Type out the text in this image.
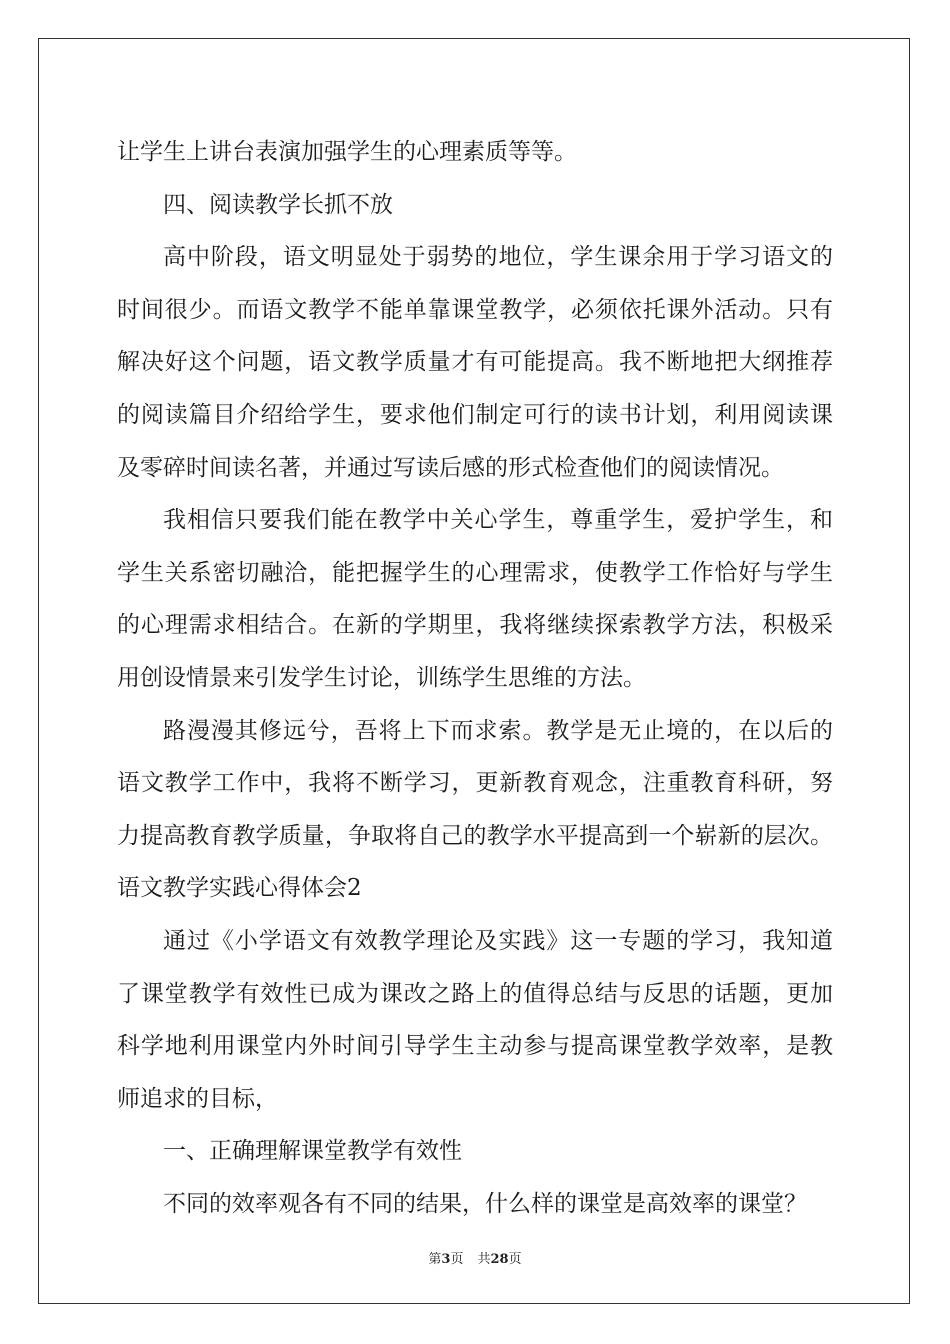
让学生上讲台表演加强学生的心理素质等等。
四、阅读教学长抓不放
高中阶段，语文明显处于弱势的地位，学生课余用于学习语文的
时间很少。而语文教学不能单靠课堂教学，必须依托课外活动。只有
解决好这个问题，语文教学质量才有可能提高。我不断地把大纲推荐
的阅读篇目介绍给学生，要求他们制定可行的读书计划，利用阅读课
及零碎时间读名著，并通过写读后感的形式检查他们的阅读情况。
我相信只要我们能在教学中关心学生，尊重学生，爱护学生，和
学生关系密切融洽，能把握学生的心理需求，使教学工作恰好与学生
的心理需求相结合。在新的学期里，我将继续探索教学方法，积极采
用创设情景来引发学生讨论，训练学生思维的方法。
路漫漫其修远兮，吾将上下而求索。教学是无止境的，在以后的
语文教学工作中，我将不断学习，更新教育观念，注重教育科研，努
力提高教育教学质量，争取将自己的教学水平提高到一个崭新的层次。
语文教学实践心得体会2
通过《小学语文有效教学理论及实践》这一专题的学习，我知道
了课堂教学有效性已成为课改之路上的值得总结与反思的话题，更加
科学地利用课堂内外时间引导学生主动参与提高课堂教学效率，是教
师追求的目标，
一、正确理解课堂教学有效性
不同的效率观各有不同的结果，什么样的课堂是高效率的课堂？
第3页 共28页
